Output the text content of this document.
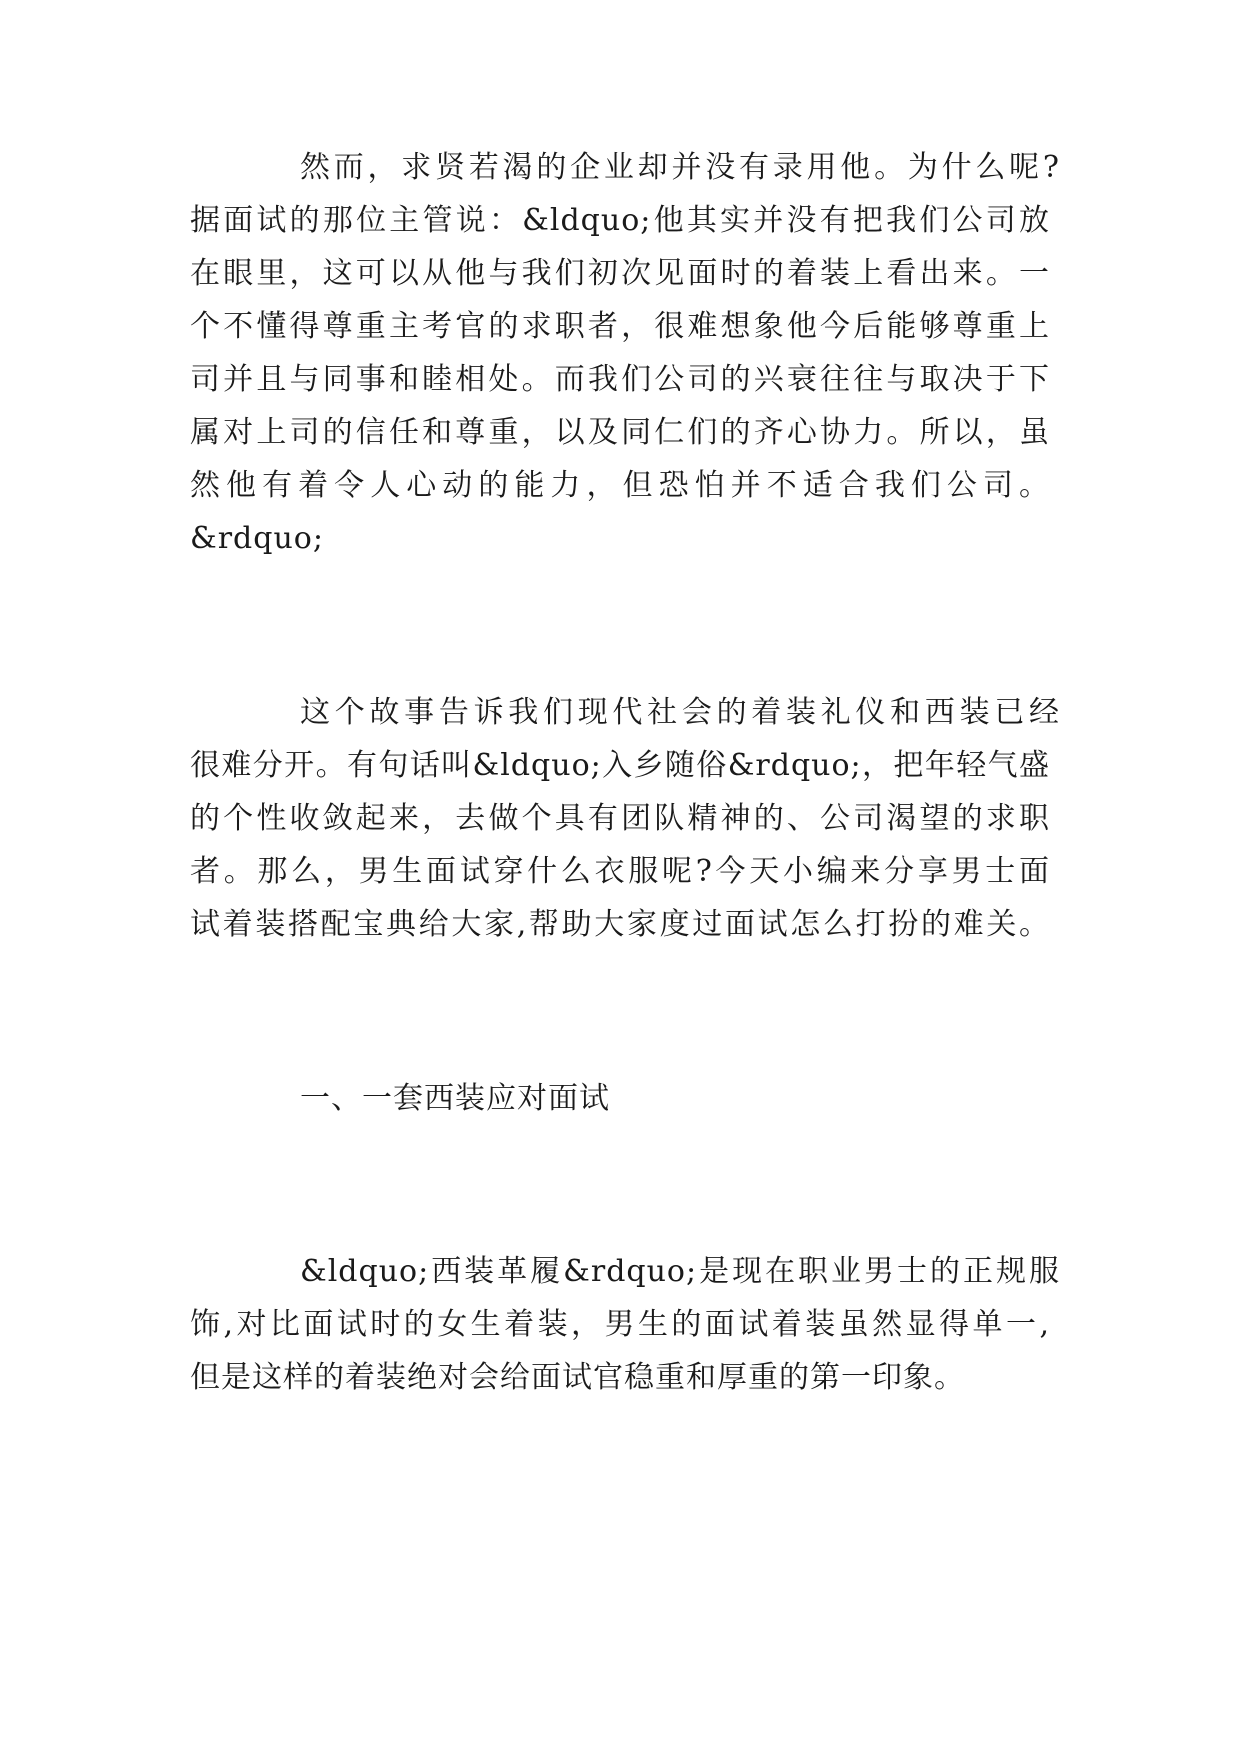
然而，求贤若渴的企业却并没有录用他。为什么呢?
据面试的那位主管说：&ldquo;他其实并没有把我们公司放
在眼里，这可以从他与我们初次见面时的着装上看出来。一
个不懂得尊重主考官的求职者，很难想象他今后能够尊重上
司并且与同事和睦相处。而我们公司的兴衰往往与取决于下
属对上司的信任和尊重，以及同仁们的齐心协力。所以，虽
然他有着令人心动的能力，但恐怕并不适合我们公司。
&rdquo;
这个故事告诉我们现代社会的着装礼仪和西装已经
很难分开。有句话叫&ldquo;入乡随俗&rdquo;，把年轻气盛
的个性收敛起来，去做个具有团队精神的、公司渴望的求职
者。那么，男生面试穿什么衣服呢?今天小编来分享男士面
试着装搭配宝典给大家,帮助大家度过面试怎么打扮的难关。
一、一套西装应对面试
&ldquo;西装革履&rdquo;是现在职业男士的正规服
饰,对比面试时的女生着装，男生的面试着装虽然显得单一,
但是这样的着装绝对会给面试官稳重和厚重的第一印象。
